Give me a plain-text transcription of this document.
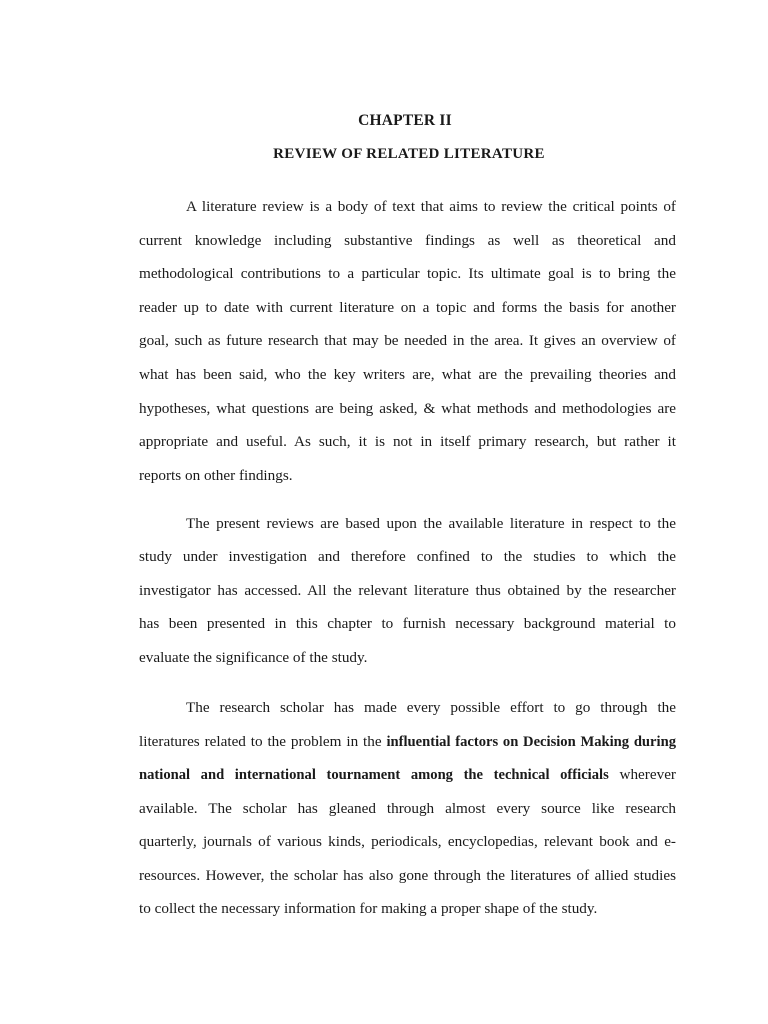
CHAPTER II
REVIEW OF RELATED LITERATURE
A literature review is a body of text that aims to review the critical points of
current knowledge including substantive findings as well as theoretical and
methodological contributions to a particular topic. Its ultimate goal is to bring the
reader up to date with current literature on a topic and forms the basis for another
goal, such as future research that may be needed in the area. It gives an overview of
what has been said, who the key writers are, what are the prevailing theories and
hypotheses, what questions are being asked, & what methods and methodologies are
appropriate and useful. As such, it is not in itself primary research, but rather it
reports on other findings.
The present reviews are based upon the available literature in respect to the
study under investigation and therefore confined to the studies to which the
investigator has accessed. All the relevant literature thus obtained by the researcher
has been presented in this chapter to furnish necessary background material to
evaluate the significance of the study.
The research scholar has made every possible effort to go through the
literatures related to the problem in the influential factors on Decision Making during
national and international tournament among the technical officials wherever
available. The scholar has gleaned through almost every source like research
quarterly, journals of various kinds, periodicals, encyclopedias, relevant book and e-
resources. However, the scholar has also gone through the literatures of allied studies
to collect the necessary information for making a proper shape of the study.
